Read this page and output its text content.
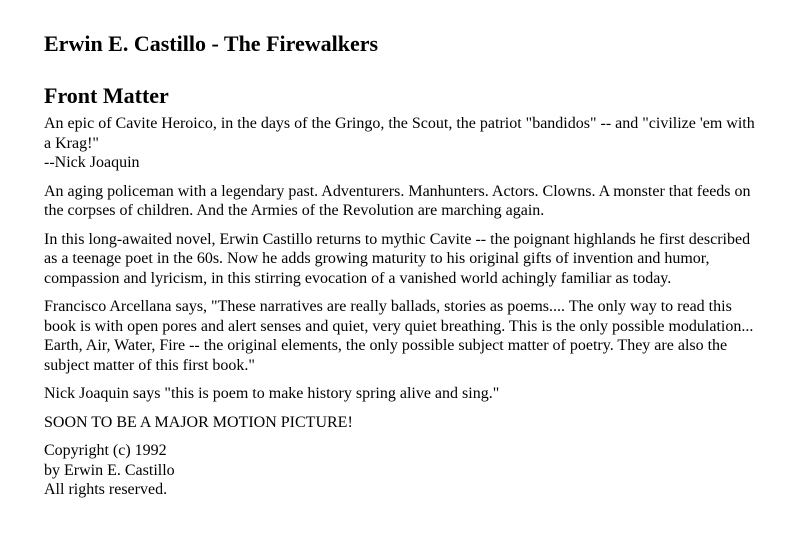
Erwin E. Castillo - The Firewalkers
Front Matter

An epic of Cavite Heroico, in the days of the Gringo, the Scout, the patriot "bandidos" -- and "civilize 'em with a Krag!"
--Nick Joaquin

An aging policeman with a legendary past. Adventurers. Manhunters. Actors. Clowns. A monster that feeds on the corpses of children. And the Armies of the Revolution are marching again.

In this long-awaited novel, Erwin Castillo returns to mythic Cavite -- the poignant highlands he first described as a teenage poet in the 60s. Now he adds growing maturity to his original gifts of invention and humor, compassion and lyricism, in this stirring evocation of a vanished world achingly familiar as today.

Francisco Arcellana says, "These narratives are really ballads, stories as poems.... The only way to read this book is with open pores and alert senses and quiet, very quiet breathing. This is the only possible modulation... Earth, Air, Water, Fire -- the original elements, the only possible subject matter of poetry. They are also the subject matter of this first book."

Nick Joaquin says "this is poem to make history spring alive and sing."

SOON TO BE A MAJOR MOTION PICTURE!

Copyright (c) 1992
by Erwin E. Castillo
All rights reserved.
